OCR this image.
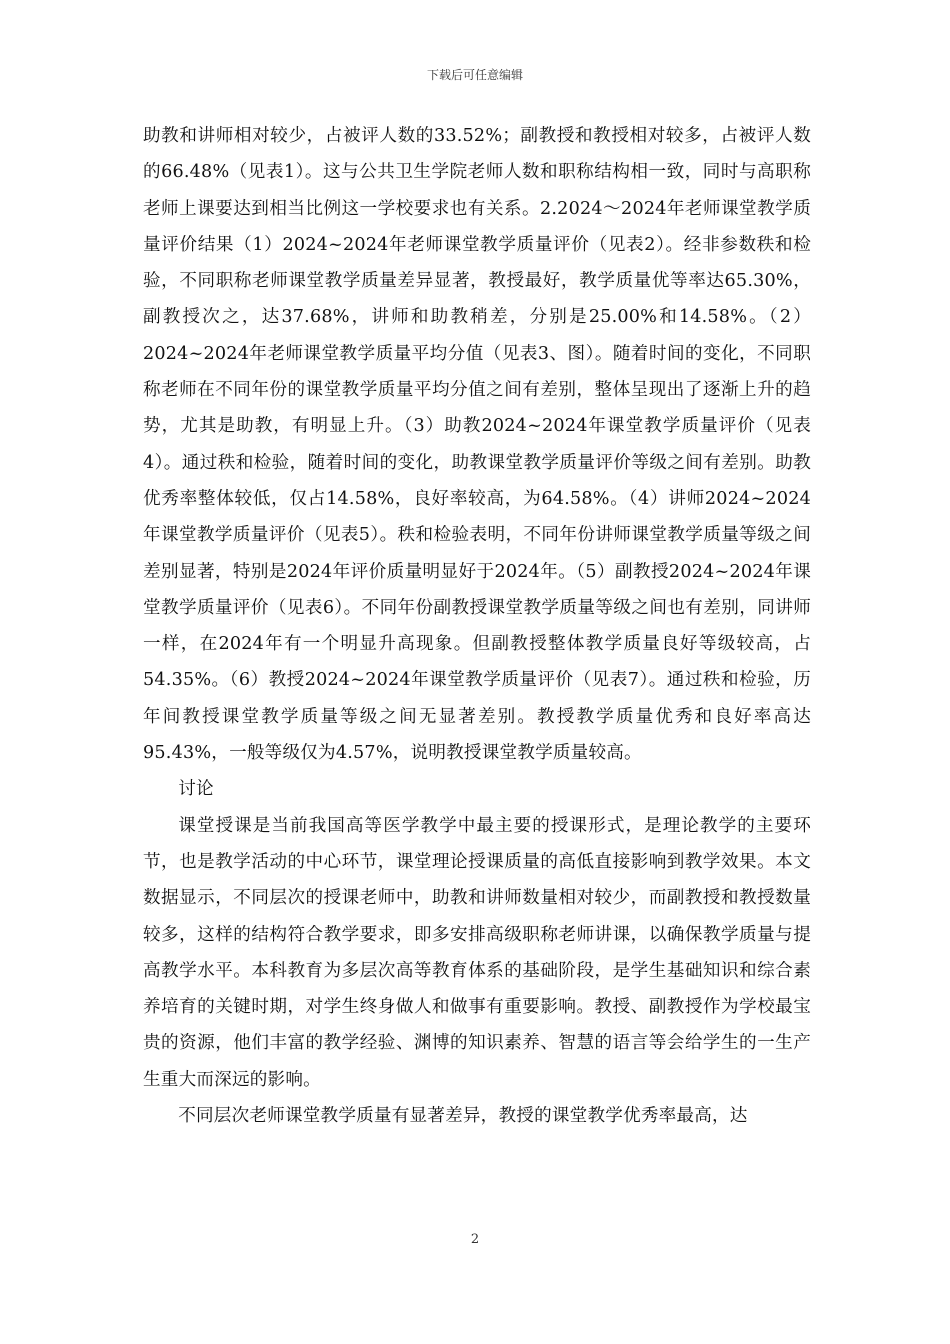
下载后可任意编辑

助教和讲师相对较少，占被评人数的33.52%；副教授和教授相对较多，占被评人数的66.48%（见表1）。这与公共卫生学院老师人数和职称结构相一致，同时与高职称老师上课要达到相当比例这一学校要求也有关系。2.2024～2024年老师课堂教学质量评价结果（1）2024~2024年老师课堂教学质量评价（见表2）。经非参数秩和检验，不同职称老师课堂教学质量差异显著，教授最好，教学质量优等率达65.30%，副教授次之，达37.68%，讲师和助教稍差，分别是25.00%和14.58%。（2）2024~2024年老师课堂教学质量平均分值（见表3、图）。随着时间的变化，不同职称老师在不同年份的课堂教学质量平均分值之间有差别，整体呈现出了逐渐上升的趋势，尤其是助教，有明显上升。（3）助教2024~2024年课堂教学质量评价（见表4）。通过秩和检验，随着时间的变化，助教课堂教学质量评价等级之间有差别。助教优秀率整体较低，仅占14.58%，良好率较高，为64.58%。（4）讲师2024~2024年课堂教学质量评价（见表5）。秩和检验表明，不同年份讲师课堂教学质量等级之间差别显著，特别是2024年评价质量明显好于2024年。（5）副教授2024~2024年课堂教学质量评价（见表6）。不同年份副教授课堂教学质量等级之间也有差别，同讲师一样，在2024年有一个明显升高现象。但副教授整体教学质量良好等级较高，占54.35%。（6）教授2024~2024年课堂教学质量评价（见表7）。通过秩和检验，历年间教授课堂教学质量等级之间无显著差别。教授教学质量优秀和良好率高达95.43%，一般等级仅为4.57%，说明教授课堂教学质量较高。

讨论

课堂授课是当前我国高等医学教学中最主要的授课形式，是理论教学的主要环节，也是教学活动的中心环节，课堂理论授课质量的高低直接影响到教学效果。本文数据显示，不同层次的授课老师中，助教和讲师数量相对较少，而副教授和教授数量较多，这样的结构符合教学要求，即多安排高级职称老师讲课，以确保教学质量与提高教学水平。本科教育为多层次高等教育体系的基础阶段，是学生基础知识和综合素养培育的关键时期，对学生终身做人和做事有重要影响。教授、副教授作为学校最宝贵的资源，他们丰富的教学经验、渊博的知识素养、智慧的语言等会给学生的一生产生重大而深远的影响。

不同层次老师课堂教学质量有显著差异，教授的课堂教学优秀率最高，达

2
